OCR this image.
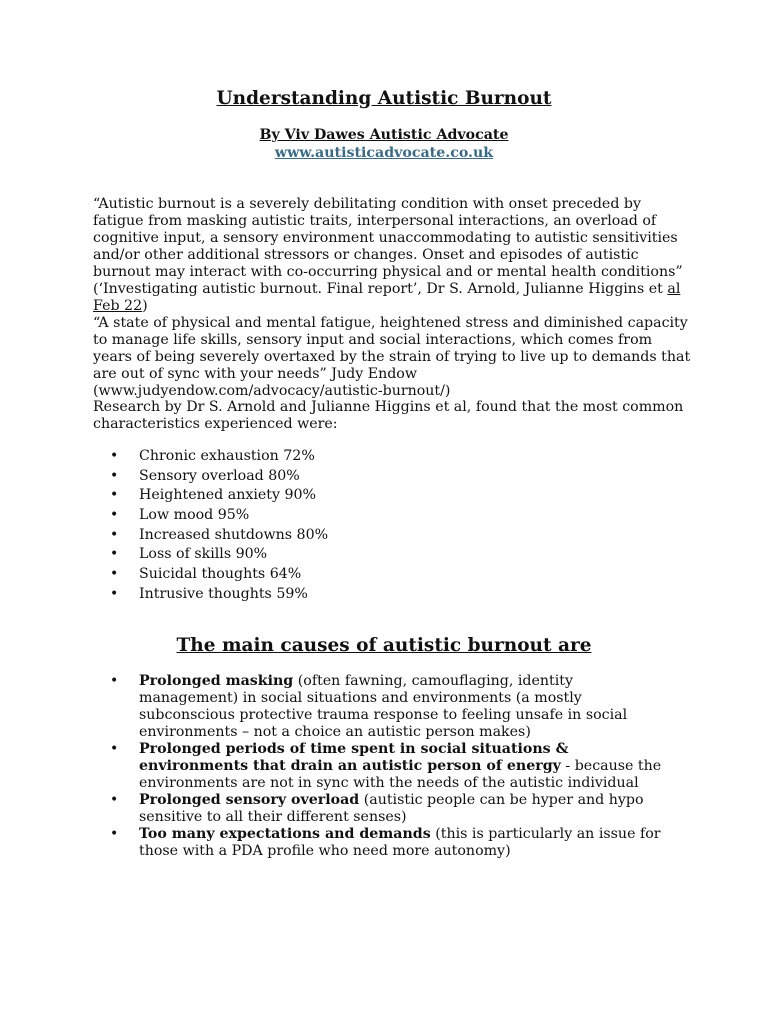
Understanding Autistic Burnout
By Viv Dawes Autistic Advocate
www.autisticadvocate.co.uk

“Autistic burnout is a severely debilitating condition with onset preceded by fatigue from masking autistic traits, interpersonal interactions, an overload of cognitive input, a sensory environment unaccommodating to autistic sensitivities and/or other additional stressors or changes. Onset and episodes of autistic burnout may interact with co-occurring physical and or mental health conditions” (‘Investigating autistic burnout. Final report’, Dr S. Arnold, Julianne Higgins et al Feb 22)

“A state of physical and mental fatigue, heightened stress and diminished capacity to manage life skills, sensory input and social interactions, which comes from years of being severely overtaxed by the strain of trying to live up to demands that are out of sync with your needs” Judy Endow (www.judyendow.com/advocacy/autistic-burnout/)

Research by Dr S. Arnold and Julianne Higgins et al, found that the most common characteristics experienced were:

• Chronic exhaustion 72%
• Sensory overload 80%
• Heightened anxiety 90%
• Low mood 95%
• Increased shutdowns 80%
• Loss of skills 90%
• Suicidal thoughts 64%
• Intrusive thoughts 59%
The main causes of autistic burnout are
• Prolonged masking (often fawning, camouflaging, identity management) in social situations and environments (a mostly subconscious protective trauma response to feeling unsafe in social environments – not a choice an autistic person makes)
• Prolonged periods of time spent in social situations & environments that drain an autistic person of energy - because the environments are not in sync with the needs of the autistic individual
• Prolonged sensory overload (autistic people can be hyper and hypo sensitive to all their different senses)
• Too many expectations and demands (this is particularly an issue for those with a PDA profile who need more autonomy)
